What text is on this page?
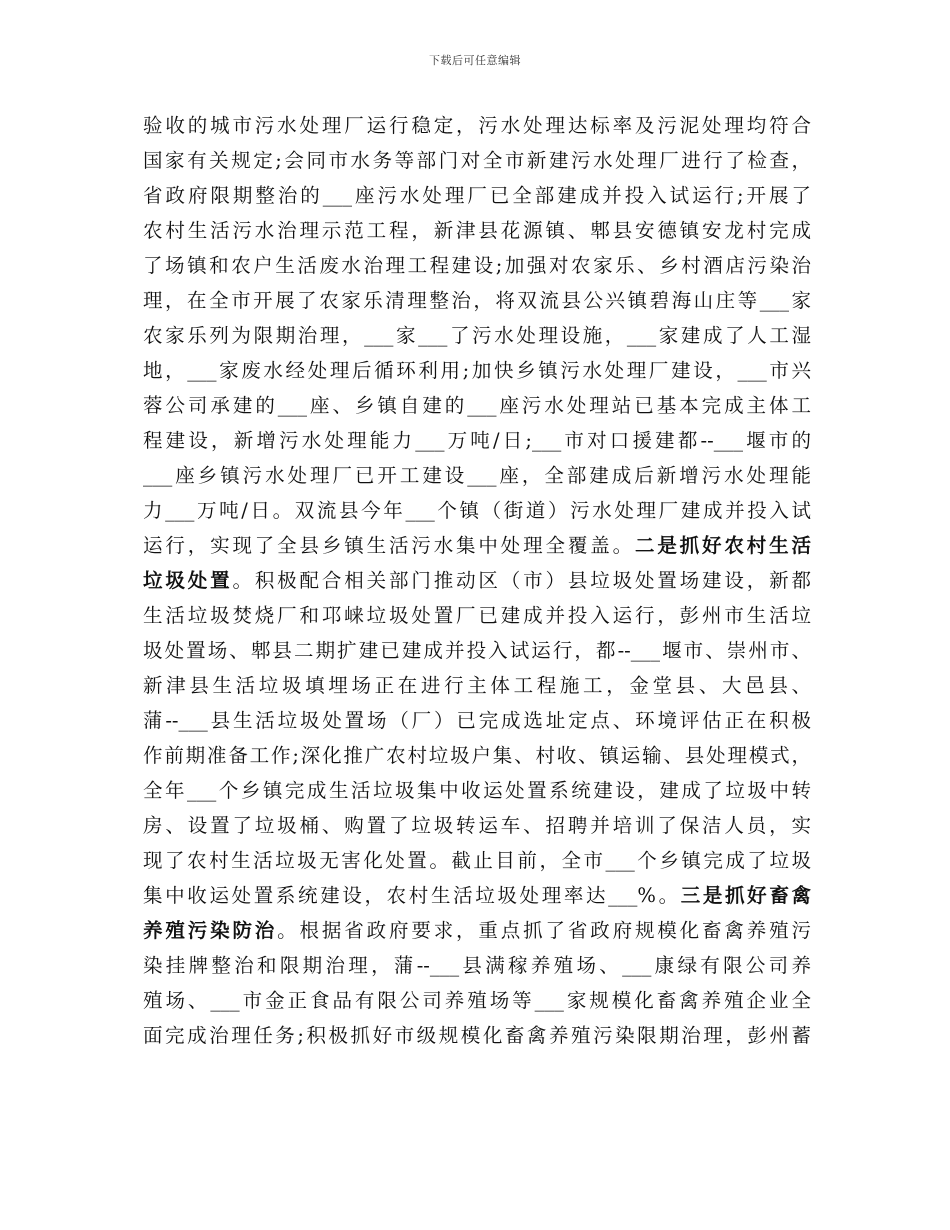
下载后可任意编辑
验收的城市污水处理厂运行稳定，污水处理达标率及污泥处理均符合
国家有关规定;会同市水务等部门对全市新建污水处理厂进行了检查，
省政府限期整治的___座污水处理厂已全部建成并投入试运行;开展了
农村生活污水治理示范工程，新津县花源镇、郫县安德镇安龙村完成
了场镇和农户生活废水治理工程建设;加强对农家乐、乡村酒店污染治
理，在全市开展了农家乐清理整治，将双流县公兴镇碧海山庄等___家
农家乐列为限期治理，___家___了污水处理设施，___家建成了人工湿
地，___家废水经处理后循环利用;加快乡镇污水处理厂建设，___市兴
蓉公司承建的___座、乡镇自建的___座污水处理站已基本完成主体工
程建设，新增污水处理能力___万吨/日;___市对口援建都--___堰市的
___座乡镇污水处理厂已开工建设___座，全部建成后新增污水处理能
力___万吨/日。双流县今年___个镇（街道）污水处理厂建成并投入试
运行，实现了全县乡镇生活污水集中处理全覆盖。二是抓好农村生活
垃圾处置。积极配合相关部门推动区（市）县垃圾处置场建设，新都
生活垃圾焚烧厂和邛崃垃圾处置厂已建成并投入运行，彭州市生活垃
圾处置场、郫县二期扩建已建成并投入试运行，都--___堰市、崇州市、
新津县生活垃圾填埋场正在进行主体工程施工，金堂县、大邑县、
蒲--___县生活垃圾处置场（厂）已完成选址定点、环境评估正在积极
作前期准备工作;深化推广农村垃圾户集、村收、镇运输、县处理模式，
全年___个乡镇完成生活垃圾集中收运处置系统建设，建成了垃圾中转
房、设置了垃圾桶、购置了垃圾转运车、招聘并培训了保洁人员，实
现了农村生活垃圾无害化处置。截止目前，全市___个乡镇完成了垃圾
集中收运处置系统建设，农村生活垃圾处理率达___%。三是抓好畜禽
养殖污染防治。根据省政府要求，重点抓了省政府规模化畜禽养殖污
染挂牌整治和限期治理，蒲--___县满稼养殖场、___康绿有限公司养
殖场、___市金正食品有限公司养殖场等___家规模化畜禽养殖企业全
面完成治理任务;积极抓好市级规模化畜禽养殖污染限期治理，彭州蓄
